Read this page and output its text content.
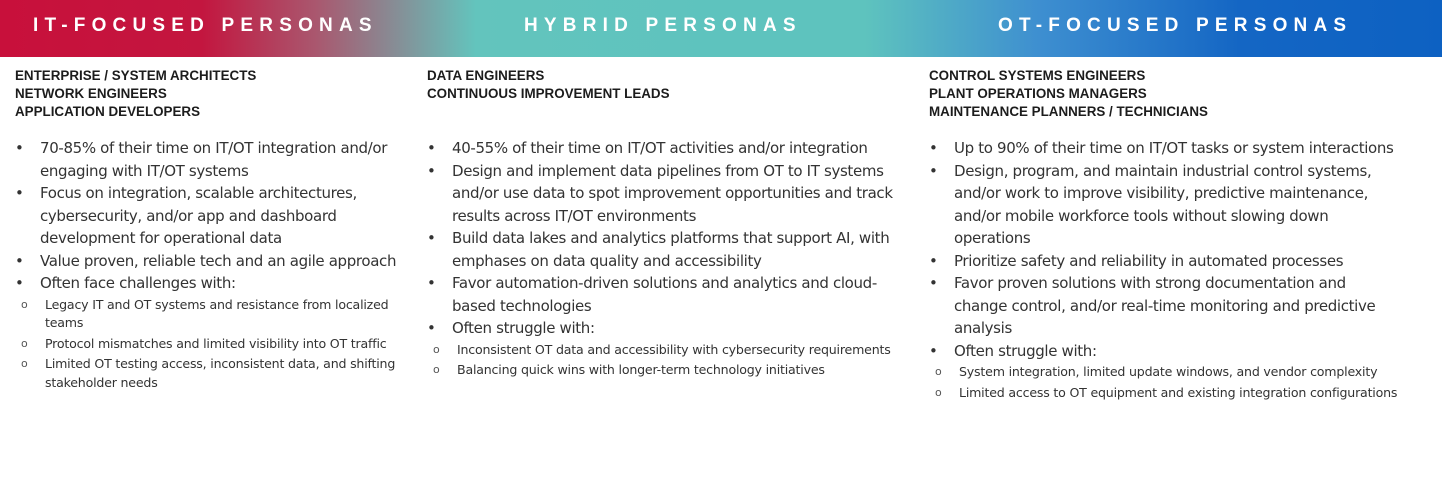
IT-FOCUSED PERSONAS	HYBRID PERSONAS	OT-FOCUSED PERSONAS
ENTERPRISE / SYSTEM ARCHITECTS
NETWORK ENGINEERS
APPLICATION DEVELOPERS
• 70-85% of their time on IT/OT integration and/or engaging with IT/OT systems
• Focus on integration, scalable architectures, cybersecurity, and/or app and dashboard development for operational data
• Value proven, reliable tech and an agile approach
• Often face challenges with:
o Legacy IT and OT systems and resistance from localized teams
o Protocol mismatches and limited visibility into OT traffic
o Limited OT testing access, inconsistent data, and shifting stakeholder needs
DATA ENGINEERS
CONTINUOUS IMPROVEMENT LEADS
• 40-55% of their time on IT/OT activities and/or integration
• Design and implement data pipelines from OT to IT systems and/or use data to spot improvement opportunities and track results across IT/OT environments
• Build data lakes and analytics platforms that support AI, with emphases on data quality and accessibility
• Favor automation-driven solutions and analytics and cloud-based technologies
• Often struggle with:
o Inconsistent OT data and accessibility with cybersecurity requirements
o Balancing quick wins with longer-term technology initiatives
CONTROL SYSTEMS ENGINEERS
PLANT OPERATIONS MANAGERS
MAINTENANCE PLANNERS / TECHNICIANS
• Up to 90% of their time on IT/OT tasks or system interactions
• Design, program, and maintain industrial control systems, and/or work to improve visibility, predictive maintenance, and/or mobile workforce tools without slowing down operations
• Prioritize safety and reliability in automated processes
• Favor proven solutions with strong documentation and change control, and/or real-time monitoring and predictive analysis
• Often struggle with:
o System integration, limited update windows, and vendor complexity
o Limited access to OT equipment and existing integration configurations
